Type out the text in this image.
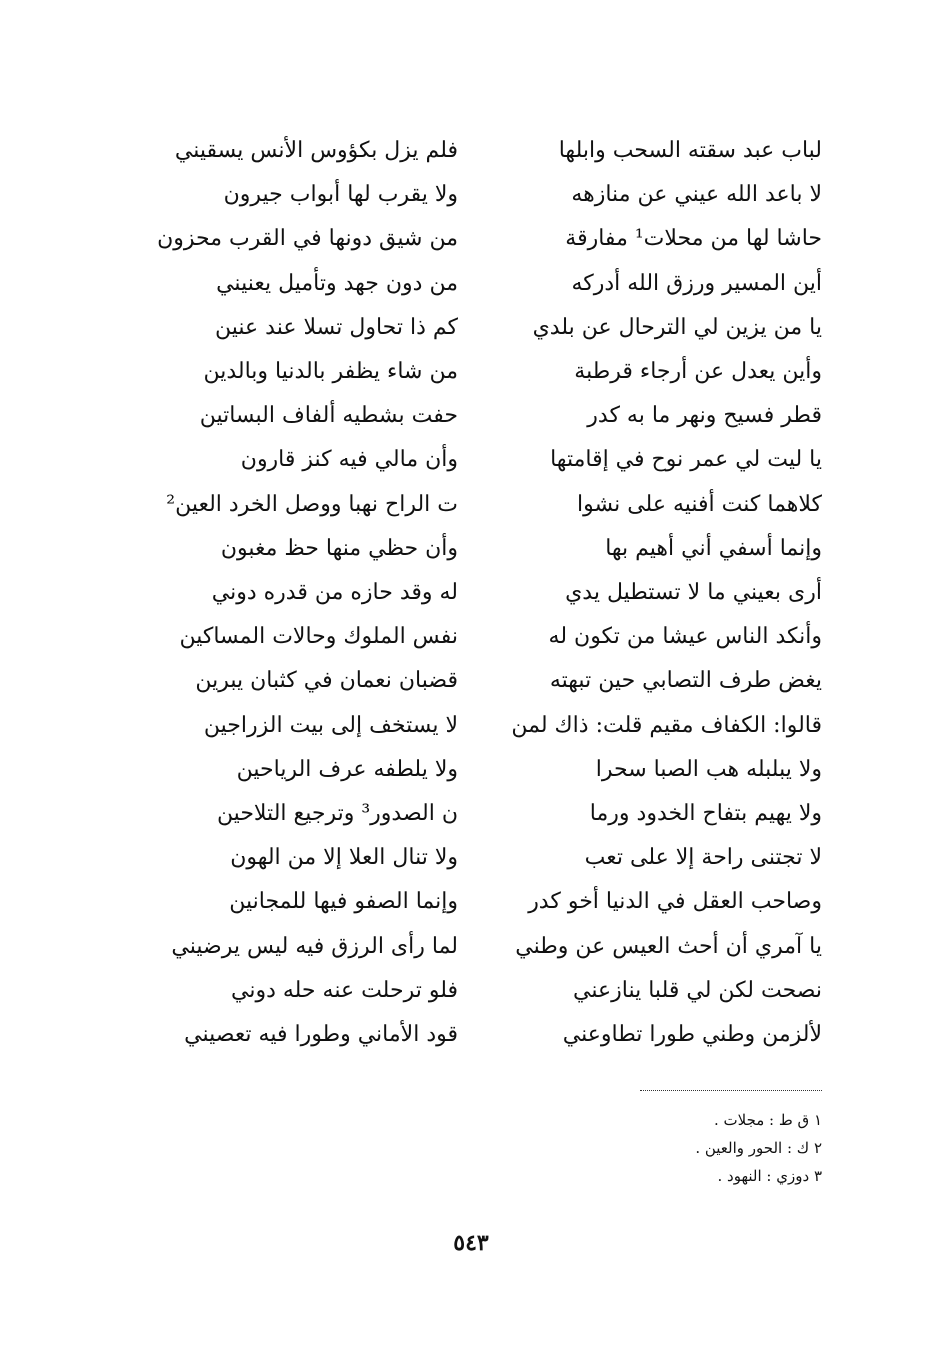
لباب عبد سقته السحب وابلها
فلم يزل بكؤوس الأنس يسقيني
لا باعد الله عيني عن منازهه
ولا يقرب لها أبواب جيرون
حاشا لها من محلات¹ مفارقة
من شيق دونها في القرب محزون
أين المسير ورزق الله أدركه
من دون جهد وتأميل يعنيني
يا من يزين لي الترحال عن بلدي
كم ذا تحاول تسلا عند عنين
وأين يعدل عن أرجاء قرطبة
من شاء يظفر بالدنيا وبالدين
قطر فسيح ونهر ما به كدر
حفت بشطيه ألفاف البساتين
يا ليت لي عمر نوح في إقامتها
وأن مالي فيه كنز قارون
كلاهما كنت أفنيه على نشوا
ت الراح نهبا ووصل الخرد العين²
وإنما أسفي أني أهيم بها
وأن حظي منها حظ مغبون
أرى بعيني ما لا تستطيل يدي
له وقد حازه من قدره دوني
وأنكد الناس عيشا من تكون له
نفس الملوك وحالات المساكين
يغض طرف التصابي حين تبهته
قضبان نعمان في كثبان يبرين
قالوا: الكفاف مقيم قلت: ذاك لمن
لا يستخف إلى بيت الزراجين
ولا يبلبله هب الصبا سحرا
ولا يلطفه عرف الرياحين
ولا يهيم بتفاح الخدود ورما
ن الصدور³ وترجيع التلاحين
لا تجتنى راحة إلا على تعب
ولا تنال العلا إلا من الهون
وصاحب العقل في الدنيا أخو كدر
وإنما الصفو فيها للمجانين
يا آمري أن أحث العيس عن وطني
لما رأى الرزق فيه ليس يرضيني
نصحت لكن لي قلبا ينازعني
فلو ترحلت عنه حله دوني
لألزمن وطني طورا تطاوعني
قود الأماني وطورا فيه تعصيني
١ ق ط : مجلات .
٢ ك : الحور والعين .
٣ دوزي : النهود .
٥٤٣
